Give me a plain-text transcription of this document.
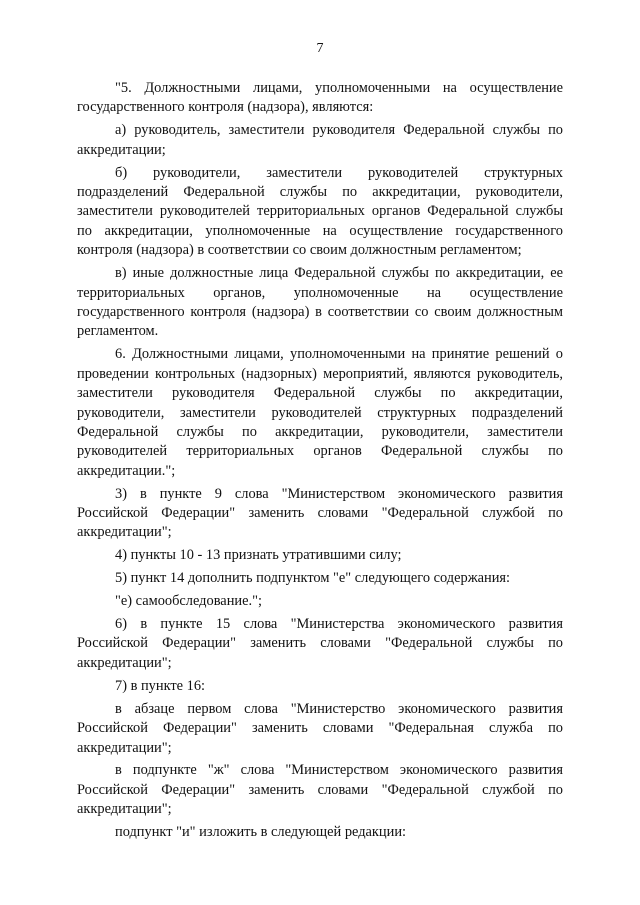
7

"5. Должностными лицами, уполномоченными на осуществление государственного контроля (надзора), являются:

а) руководитель, заместители руководителя Федеральной службы по аккредитации;

б) руководители, заместители руководителей структурных подразделений Федеральной службы по аккредитации, руководители, заместители руководителей территориальных органов Федеральной службы по аккредитации, уполномоченные на осуществление государственного контроля (надзора) в соответствии со своим должностным регламентом;

в) иные должностные лица Федеральной службы по аккредитации, ее территориальных органов, уполномоченные на осуществление государственного контроля (надзора) в соответствии со своим должностным регламентом.

6. Должностными лицами, уполномоченными на принятие решений о проведении контрольных (надзорных) мероприятий, являются руководитель, заместители руководителя Федеральной службы по аккредитации, руководители, заместители руководителей структурных подразделений Федеральной службы по аккредитации, руководители, заместители руководителей территориальных органов Федеральной службы по аккредитации.";

3) в пункте 9 слова "Министерством экономического развития Российской Федерации" заменить словами "Федеральной службой по аккредитации";

4) пункты 10 - 13 признать утратившими силу;

5) пункт 14 дополнить подпунктом "е" следующего содержания:

"е) самообследование.";

6) в пункте 15 слова "Министерства экономического развития Российской Федерации" заменить словами "Федеральной службы по аккредитации";

7) в пункте 16:

в абзаце первом слова "Министерство экономического развития Российской Федерации" заменить словами "Федеральная служба по аккредитации";

в подпункте "ж" слова "Министерством экономического развития Российской Федерации" заменить словами "Федеральной службой по аккредитации";

подпункт "и" изложить в следующей редакции:
